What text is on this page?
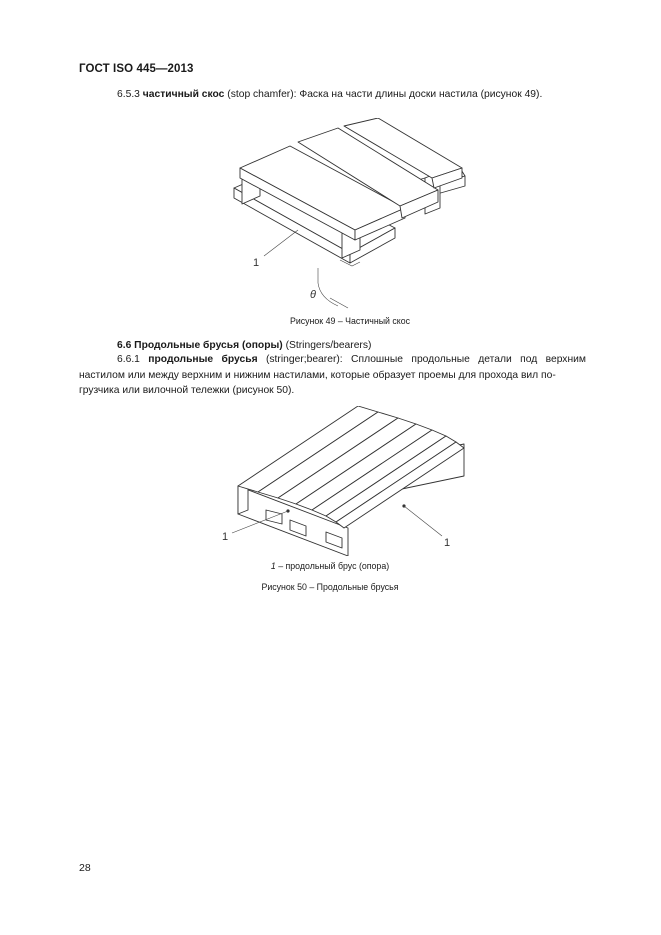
ГОСТ ISO 445—2013
6.5.3 частичный скос (stop chamfer): Фаска на части длины доски настила (рисунок 49).
1
θ
Рисунок 49 – Частичный скос
6.6 Продольные брусья (опоры) (Stringers/bearers)
6.6.1 продольные брусья (stringer;bearer): Сплошные продольные детали под верхним настилом или между верхним и нижним настилами, которые образует проемы для прохода вил по-
грузчика или вилочной тележки (рисунок 50).
1	1
1 – продольный брус (опора)
Рисунок 50 – Продольные брусья
28
